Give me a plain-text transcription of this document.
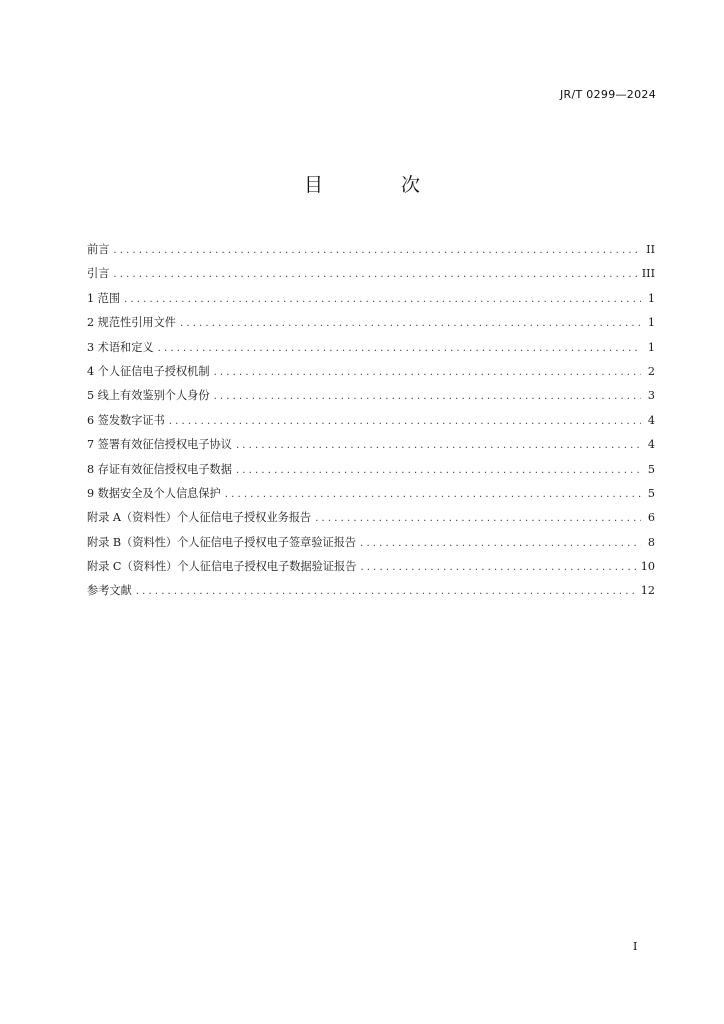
JR/T 0299—2024
目 次
前言 . . .	II
引言 . . .	III
1 范围 . . .	1
2 规范性引用文件 . . .	1
3 术语和定义 . . .	1
4 个人征信电子授权机制 . . .	2
5 线上有效鉴别个人身份 . . .	3
6 签发数字证书 . . .	4
7 签署有效征信授权电子协议 . . .	4
8 存证有效征信授权电子数据 . . .	5
9 数据安全及个人信息保护 . . .	5
附录 A（资料性）个人征信电子授权业务报告 . . .	6
附录 B（资料性）个人征信电子授权电子签章验证报告 . . .	8
附录 C（资料性）个人征信电子授权电子数据验证报告 . . .	10
参考文献 . . .	12
I
